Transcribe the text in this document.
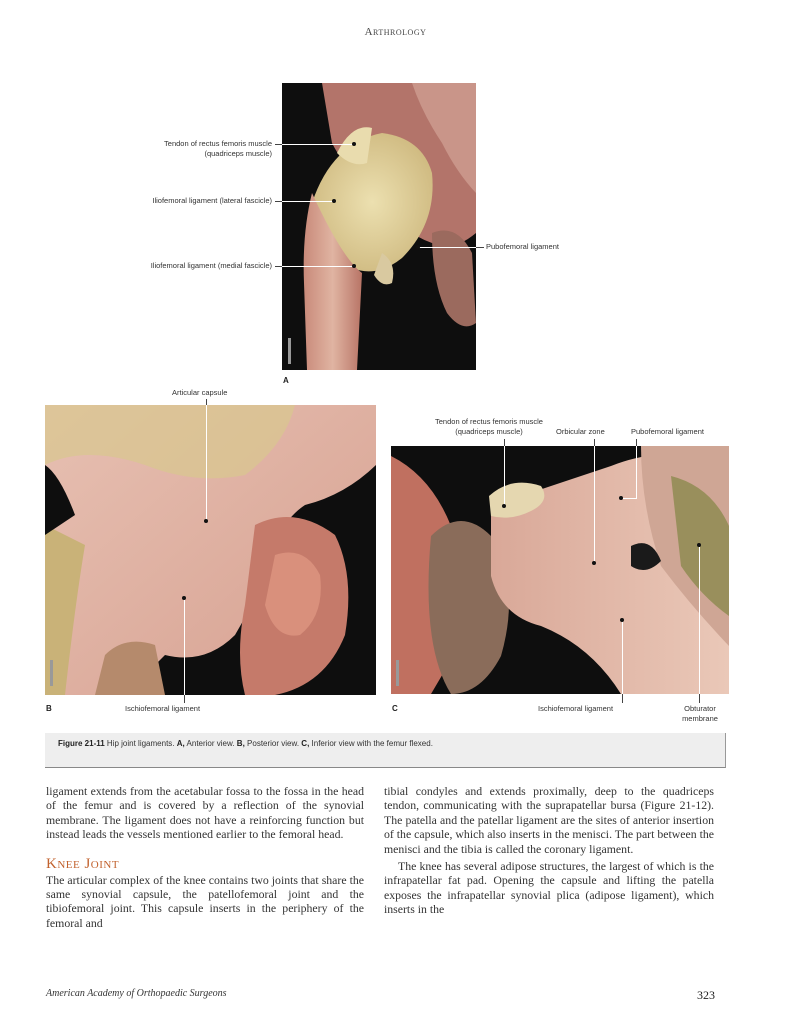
Arthrology
Tendon of rectus femoris muscle (quadriceps muscle)
Iliofemoral ligament (lateral fascicle)
Iliofemoral ligament (medial fascicle)
Pubofemoral ligament
A
Articular capsule
Ischiofemoral ligament
B
Tendon of rectus femoris muscle (quadriceps muscle)	Orbicular zone	Pubofemoral ligament
Ischiofemoral ligament	Obturator membrane
C
Figure 21-11 Hip joint ligaments. A, Anterior view. B, Posterior view. C, Inferior view with the femur flexed.
ligament extends from the acetabular fossa to the fossa in the head of the femur and is covered by a reflection of the synovial membrane. The ligament does not have a reinforcing function but instead leads the vessels mentioned earlier to the femoral head.
Knee Joint
The articular complex of the knee contains two joints that share the same synovial capsule, the patellofemoral joint and the tibiofemoral joint. This capsule inserts in the periphery of the femoral and
tibial condyles and extends proximally, deep to the quadriceps tendon, communicating with the suprapatellar bursa (Figure 21-12). The patella and the patellar ligament are the sites of anterior insertion of the capsule, which also inserts in the menisci. The part between the menisci and the tibia is called the coronary ligament.
The knee has several adipose structures, the largest of which is the infrapatellar fat pad. Opening the capsule and lifting the patella exposes the infrapatellar synovial plica (adipose ligament), which inserts in the
American Academy of Orthopaedic Surgeons	323
